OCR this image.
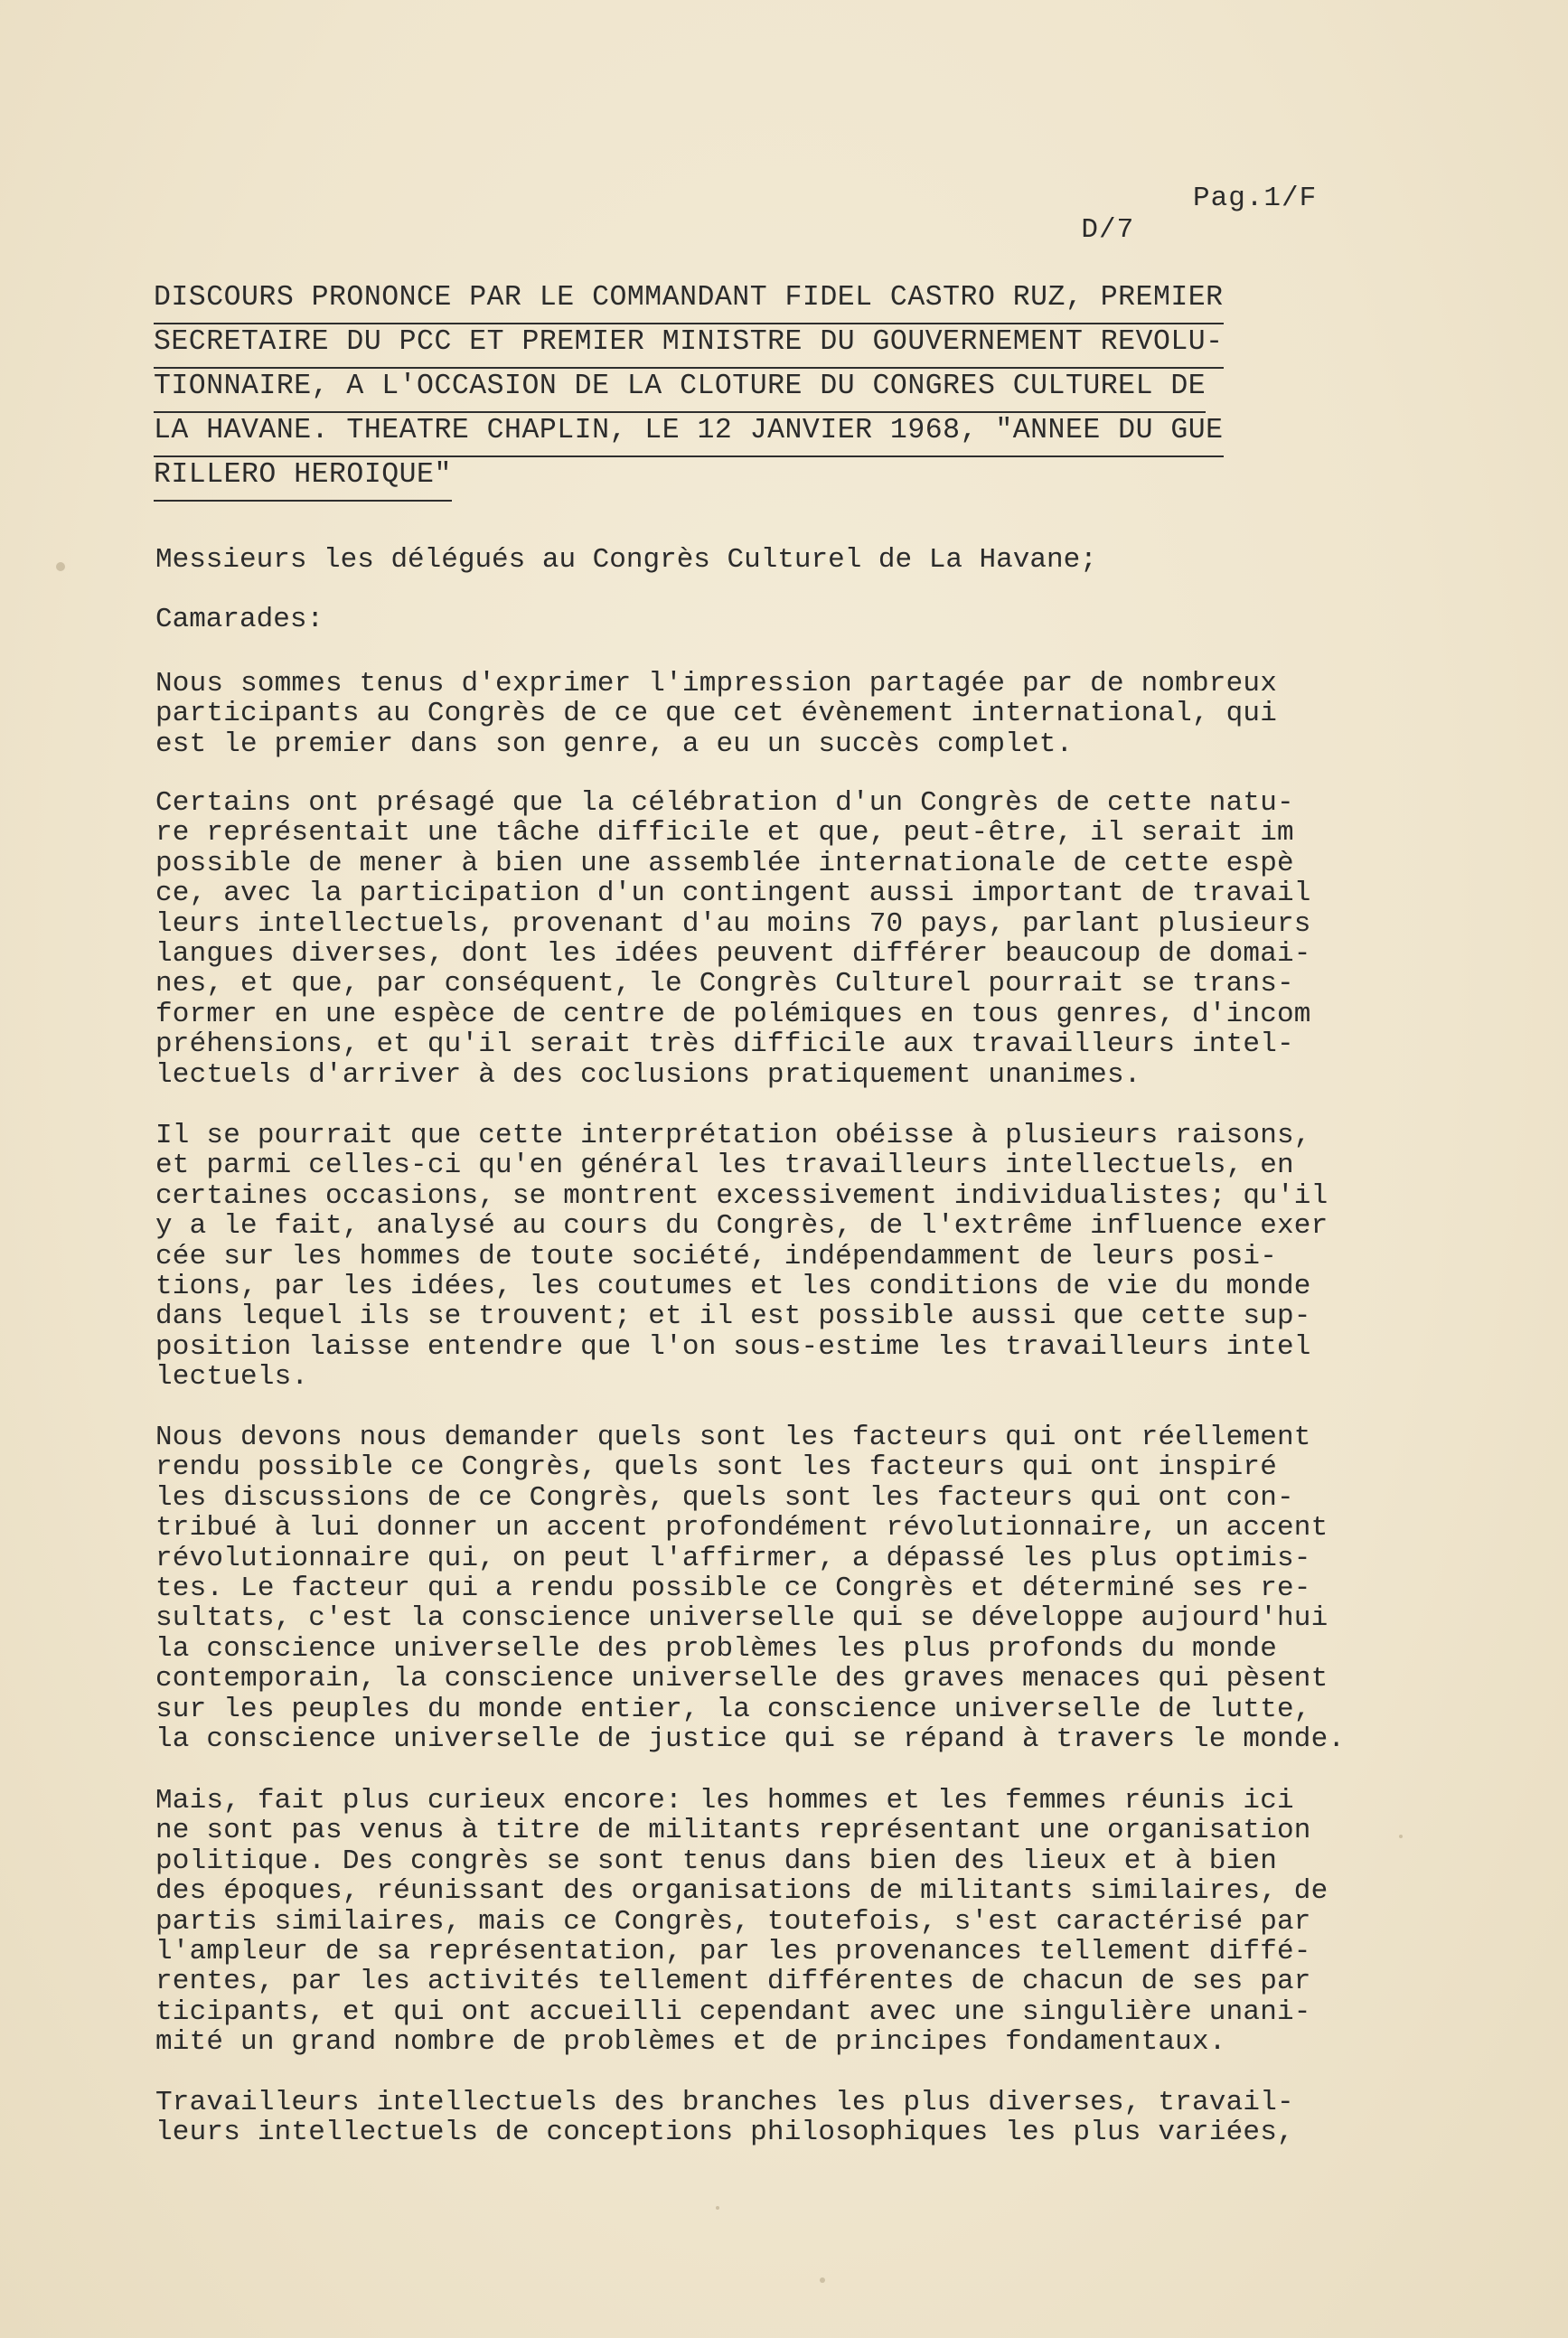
D/7

Pag.1/F

DISCOURS PRONONCE PAR LE COMMANDANT FIDEL CASTRO RUZ, PREMIER
SECRETAIRE DU PCC ET PREMIER MINISTRE DU GOUVERNEMENT REVOLU-
TIONNAIRE, A L'OCCASION DE LA CLOTURE DU CONGRES CULTUREL DE
LA HAVANE. THEATRE CHAPLIN, LE 12 JANVIER 1968, "ANNEE DU GUE
RILLERO HEROIQUE"
Messieurs les délégués au Congrès Culturel de La Havane;
Camarades:
Nous sommes tenus d'exprimer l'impression partagée par de nombreux
participants au Congrès de ce que cet évènement international, qui
est le premier dans son genre, a eu un succès complet.
Certains ont présagé que la célébration d'un Congrès de cette natu-
re représentait une tâche difficile et que, peut-être, il serait im
possible de mener à bien une assemblée internationale de cette espè
ce, avec la participation d'un contingent aussi important de travail
leurs intellectuels, provenant d'au moins 70 pays, parlant plusieurs
langues diverses, dont les idées peuvent différer beaucoup de domai-
nes, et que, par conséquent, le Congrès Culturel pourrait se trans-
former en une espèce de centre de polémiques en tous genres, d'incom
préhensions, et qu'il serait très difficile aux travailleurs intel-
lectuels d'arriver à des coclusions pratiquement unanimes.
Il se pourrait que cette interprétation obéisse à plusieurs raisons,
et parmi celles-ci qu'en général les travailleurs intellectuels, en
certaines occasions, se montrent excessivement individualistes; qu'il
y a le fait, analysé au cours du Congrès, de l'extrême influence exer
cée sur les hommes de toute société, indépendamment de leurs posi-
tions, par les idées, les coutumes et les conditions de vie du monde
dans lequel ils se trouvent; et il est possible aussi que cette sup-
position laisse entendre que l'on sous-estime les travailleurs intel
lectuels.
Nous devons nous demander quels sont les facteurs qui ont réellement
rendu possible ce Congrès, quels sont les facteurs qui ont inspiré
les discussions de ce Congrès, quels sont les facteurs qui ont con-
tribué à lui donner un accent profondément révolutionnaire, un accent
révolutionnaire qui, on peut l'affirmer, a dépassé les plus optimis-
tes. Le facteur qui a rendu possible ce Congrès et déterminé ses re-
sultats, c'est la conscience universelle qui se développe aujourd'hui
la conscience universelle des problèmes les plus profonds du monde
contemporain, la conscience universelle des graves menaces qui pèsent
sur les peuples du monde entier, la conscience universelle de lutte,
la conscience universelle de justice qui se répand à travers le monde.
Mais, fait plus curieux encore: les hommes et les femmes réunis ici
ne sont pas venus à titre de militants représentant une organisation
politique. Des congrès se sont tenus dans bien des lieux et à bien
des époques, réunissant des organisations de militants similaires, de
partis similaires, mais ce Congrès, toutefois, s'est caractérisé par
l'ampleur de sa représentation, par les provenances tellement diffé-
rentes, par les activités tellement différentes de chacun de ses par
ticipants, et qui ont accueilli cependant avec une singulière unani-
mité un grand nombre de problèmes et de principes fondamentaux.
Travailleurs intellectuels des branches les plus diverses, travail-
leurs intellectuels de conceptions philosophiques les plus variées,
